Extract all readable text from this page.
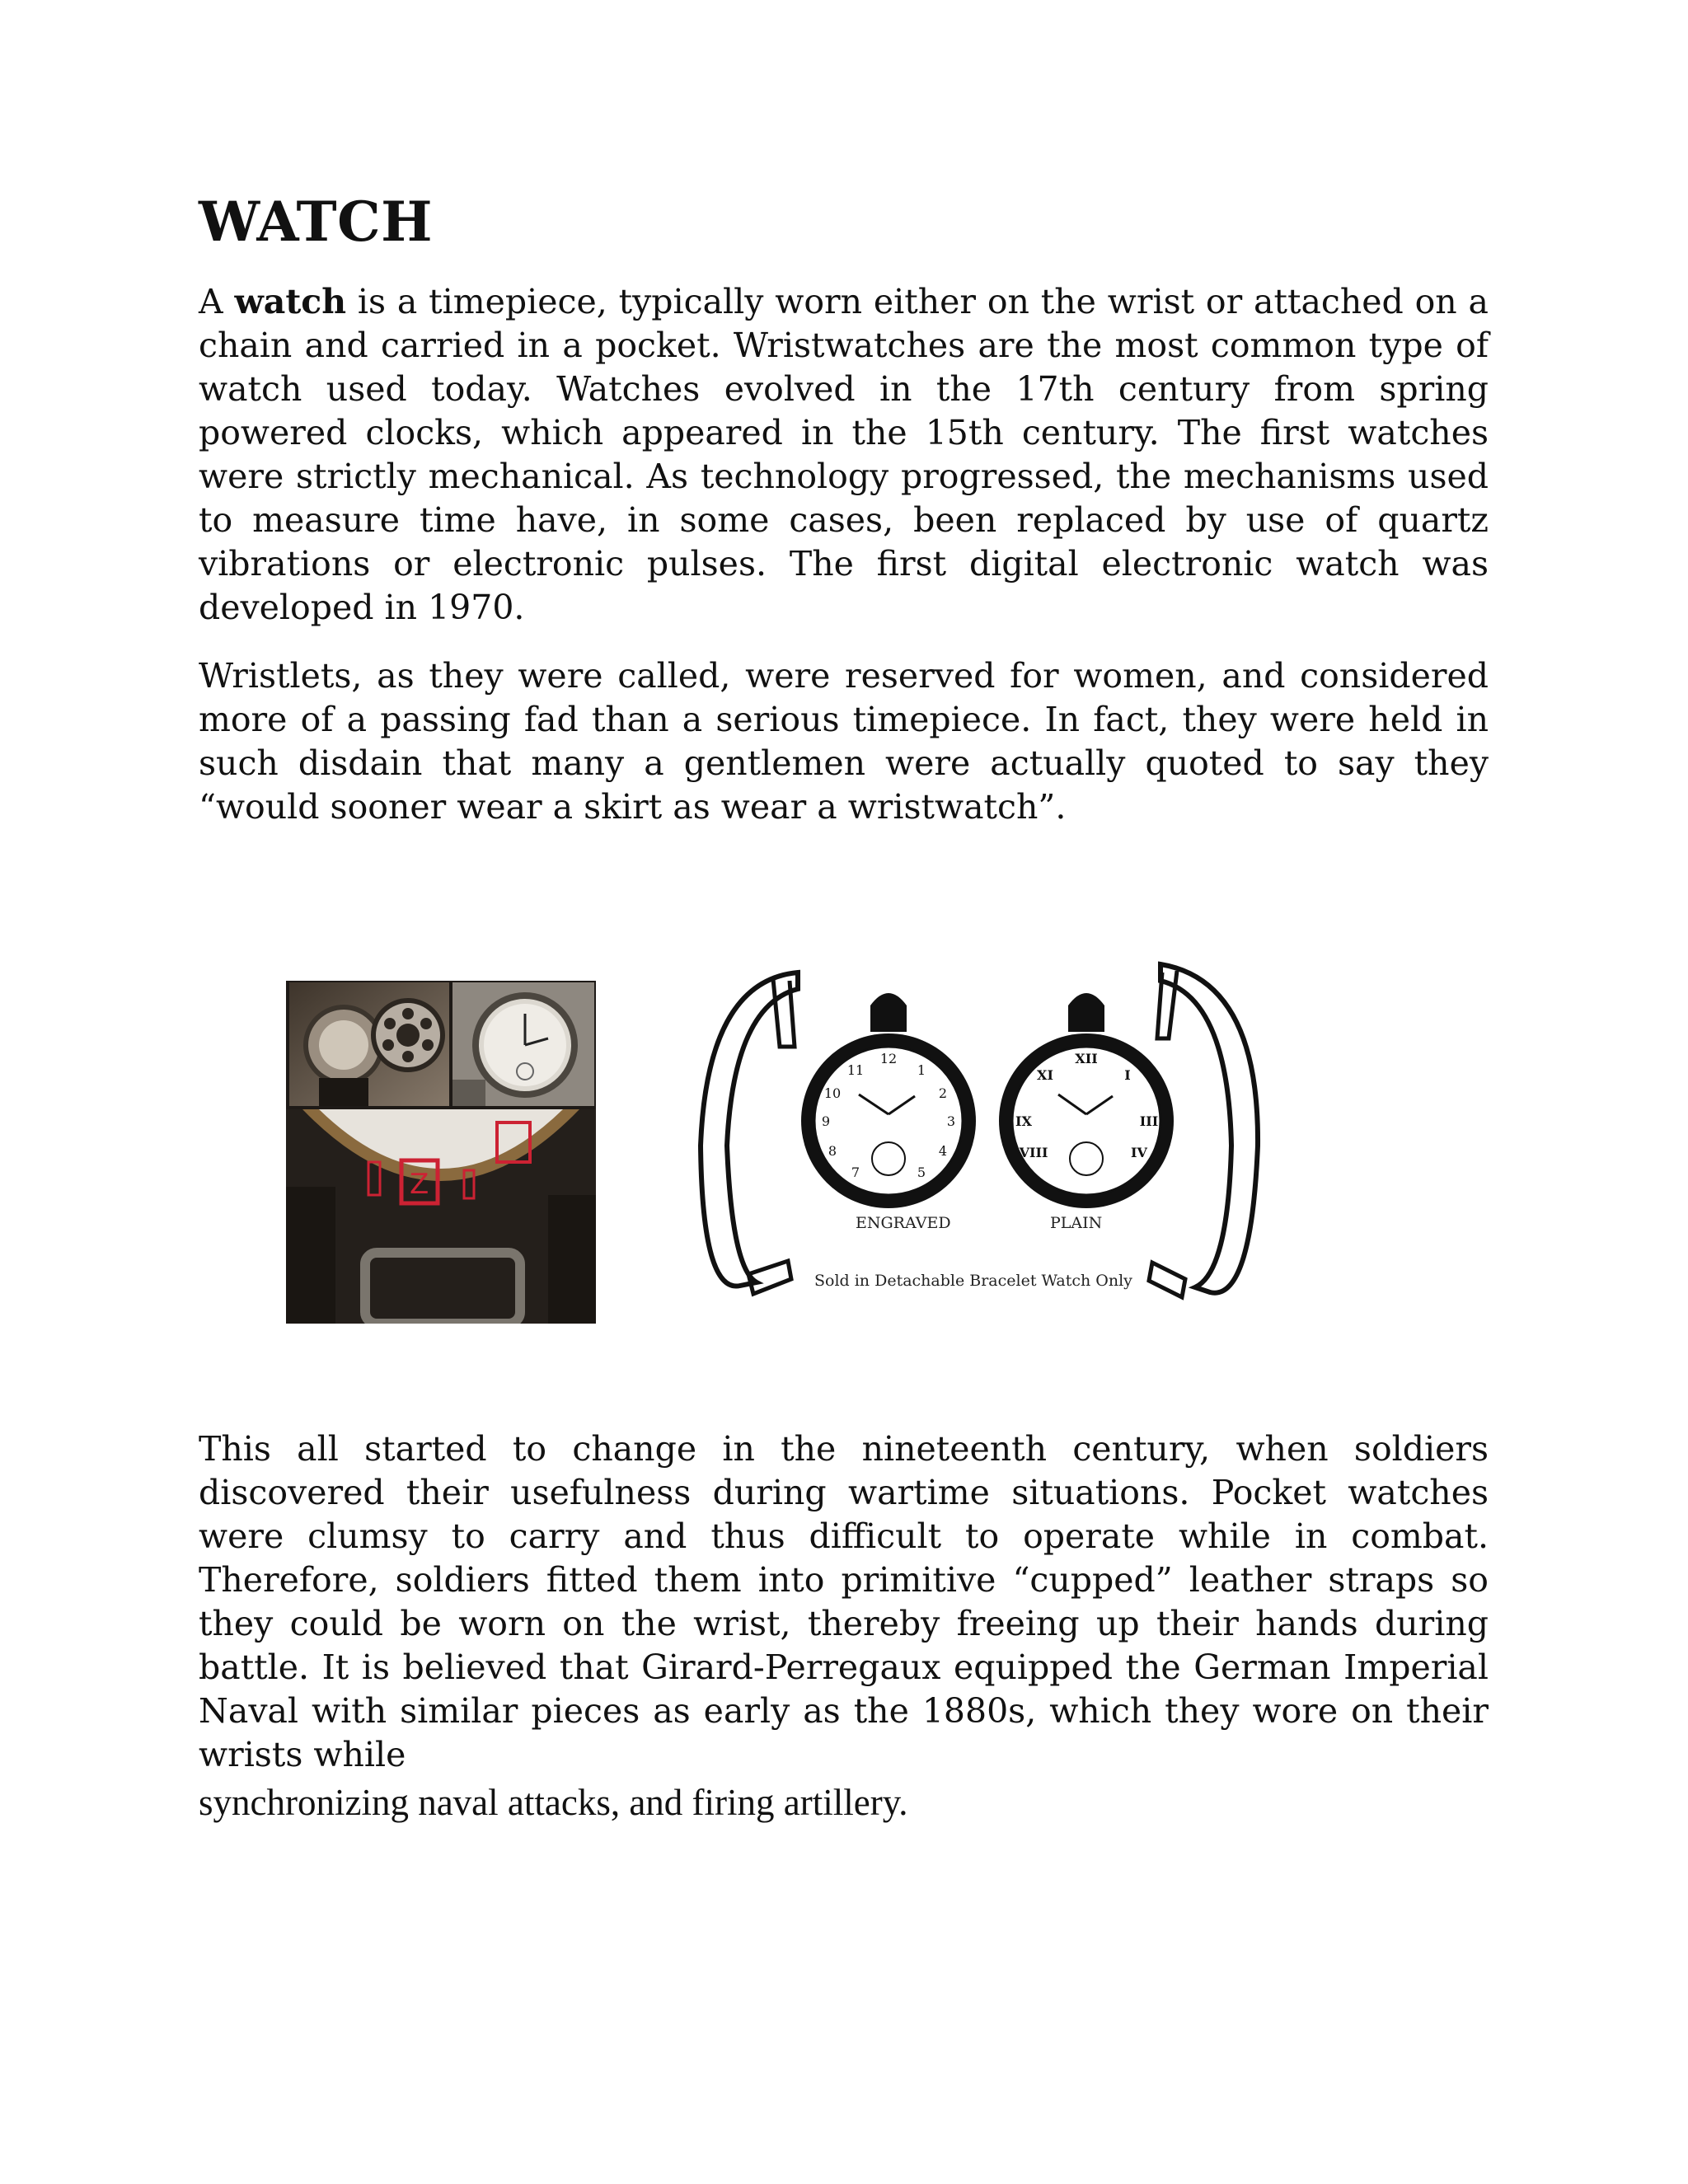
WATCH

A watch is a timepiece, typically worn either on the wrist or attached on a chain and carried in a pocket. Wristwatches are the most common type of watch used today. Watches evolved in the 17th century from spring powered clocks, which appeared in the 15th century. The first watches were strictly mechanical. As technology progressed, the mechanisms used to measure time have, in some cases, been replaced by use of quartz vibrations or electronic pulses. The first digital electronic watch was developed in 1970.

Wristlets, as they were called, were reserved for women, and considered more of a passing fad than a serious timepiece. In fact, they were held in such disdain that many a gentlemen were actually quoted to say they “would sooner wear a skirt as wear a wristwatch”.

This all started to change in the nineteenth century, when soldiers discovered their usefulness during wartime situations. Pocket watches were clumsy to carry and thus difficult to operate while in combat. Therefore, soldiers fitted them into primitive “cupped” leather straps so they could be worn on the wrist, thereby freeing up their hands during battle. It is believed that Girard-Perregaux equipped the German Imperial Naval with similar pieces as early as the 1880s, which they wore on their wrists while
synchronizing naval attacks, and firing artillery.

Z
12
1
2
3
4
5
7
8
9
10
11
XII
III
IX
I
XI
IV
VIII
ENGRAVED	PLAIN
Sold in Detachable Bracelet Watch Only
